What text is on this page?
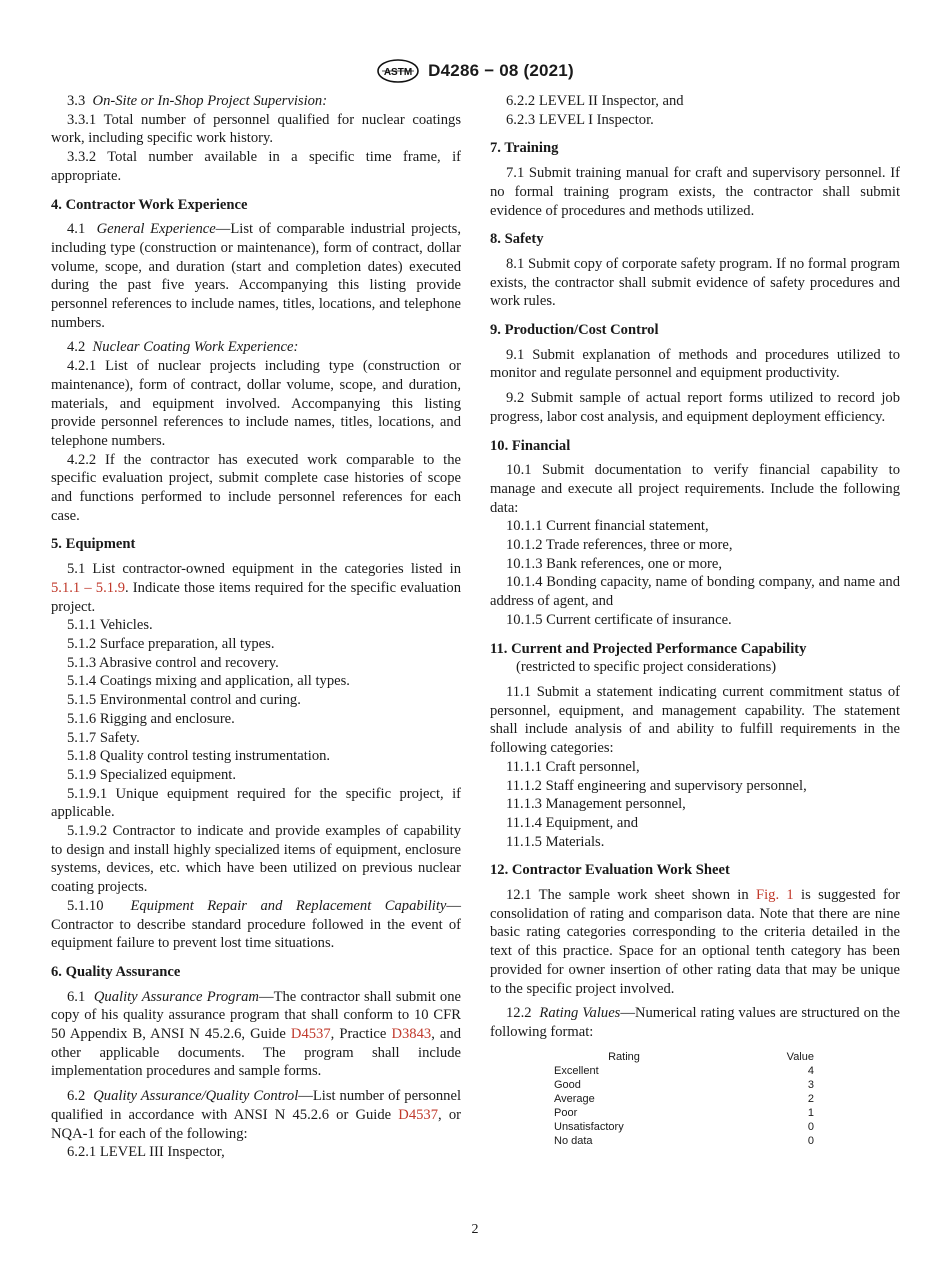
ASTM D4286 − 08 (2021)

3.3 On-Site or In-Shop Project Supervision:

3.3.1 Total number of personnel qualified for nuclear coatings work, including specific work history.

3.3.2 Total number available in a specific time frame, if appropriate.

4. Contractor Work Experience

4.1 General Experience—List of comparable industrial projects, including type (construction or maintenance), form of contract, dollar volume, scope, and duration (start and completion dates) executed during the past five years. Accompanying this listing provide personnel references to include names, titles, locations, and telephone numbers.

4.2 Nuclear Coating Work Experience:

4.2.1 List of nuclear projects including type (construction or maintenance), form of contract, dollar volume, scope, and duration, materials, and equipment involved. Accompanying this listing provide personnel references to include names, titles, locations, and telephone numbers.

4.2.2 If the contractor has executed work comparable to the specific evaluation project, submit complete case histories of scope and functions performed to include personnel references for each case.

5. Equipment

5.1 List contractor-owned equipment in the categories listed in 5.1.1 – 5.1.9. Indicate those items required for the specific evaluation project.

5.1.1 Vehicles.

5.1.2 Surface preparation, all types.

5.1.3 Abrasive control and recovery.

5.1.4 Coatings mixing and application, all types.

5.1.5 Environmental control and curing.

5.1.6 Rigging and enclosure.

5.1.7 Safety.

5.1.8 Quality control testing instrumentation.

5.1.9 Specialized equipment.

5.1.9.1 Unique equipment required for the specific project, if applicable.

5.1.9.2 Contractor to indicate and provide examples of capability to design and install highly specialized items of equipment, enclosure systems, devices, etc. which have been utilized on previous nuclear coating projects.

5.1.10 Equipment Repair and Replacement Capability—Contractor to describe standard procedure followed in the event of equipment failure to prevent lost time situations.

6. Quality Assurance

6.1 Quality Assurance Program—The contractor shall submit one copy of his quality assurance program that shall conform to 10 CFR 50 Appendix B, ANSI N 45.2.6, Guide D4537, Practice D3843, and other applicable documents. The program shall include implementation procedures and sample forms.

6.2 Quality Assurance/Quality Control—List number of personnel qualified in accordance with ANSI N 45.2.6 or Guide D4537, or NQA-1 for each of the following:

6.2.1 LEVEL III Inspector,

6.2.2 LEVEL II Inspector, and

6.2.3 LEVEL I Inspector.

7. Training

7.1 Submit training manual for craft and supervisory personnel. If no formal training program exists, the contractor shall submit evidence of procedures and methods utilized.

8. Safety

8.1 Submit copy of corporate safety program. If no formal program exists, the contractor shall submit evidence of safety procedures and work rules.

9. Production/Cost Control

9.1 Submit explanation of methods and procedures utilized to monitor and regulate personnel and equipment productivity.

9.2 Submit sample of actual report forms utilized to record job progress, labor cost analysis, and equipment deployment efficiency.

10. Financial

10.1 Submit documentation to verify financial capability to manage and execute all project requirements. Include the following data:

10.1.1 Current financial statement,

10.1.2 Trade references, three or more,

10.1.3 Bank references, one or more,

10.1.4 Bonding capacity, name of bonding company, and name and address of agent, and

10.1.5 Current certificate of insurance.

11. Current and Projected Performance Capability

(restricted to specific project considerations)

11.1 Submit a statement indicating current commitment status of personnel, equipment, and management capability. The statement shall include analysis of and ability to fulfill requirements in the following categories:

11.1.1 Craft personnel,

11.1.2 Staff engineering and supervisory personnel,

11.1.3 Management personnel,

11.1.4 Equipment, and

11.1.5 Materials.

12. Contractor Evaluation Work Sheet

12.1 The sample work sheet shown in Fig. 1 is suggested for consolidation of rating and comparison data. Note that there are nine basic rating categories corresponding to the criteria detailed in the text of this practice. Space for an optional tenth category has been provided for owner insertion of other rating data that may be unique to the specific project involved.

12.2 Rating Values—Numerical rating values are structured on the following format:

Rating	Value
Excellent	4
Good	3
Average	2
Poor	1
Unsatisfactory	0
No data	0
2
